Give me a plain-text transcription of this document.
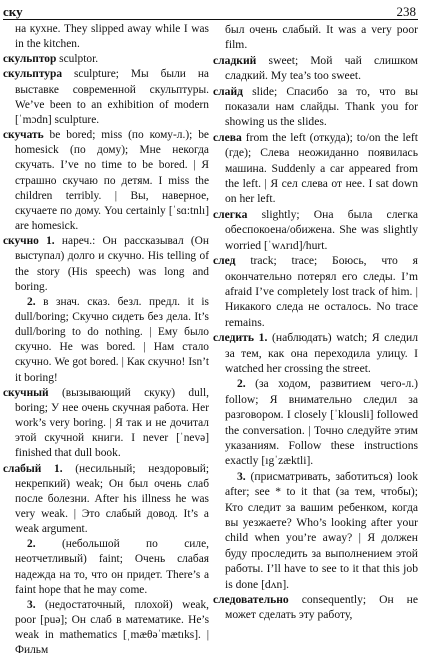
ску	238

на кухне. They slipped away while I was in the kitchen.

скульптор sculptor.

скульптура sculpture; Мы были на выставке современной скульптуры. We’ve been to an exhibition of modern [ˈmɔdn] sculpture.

скучать be bored; miss (по кому-л.); be homesick (по дому); Мне некогда скучать. I’ve no time to be bored. | Я страшно скучаю по детям. I miss the children terribly. | Вы, наверное, скучаете по дому. You certainly [ˈsɑ:tnlı] are homesick.

скучно 1. нареч.: Он рассказывал (Он выступал) долго и скучно. His telling of the story (His speech) was long and boring.

2. в знач. сказ. безл. предл. it is dull/boring; Скучно сидеть без дела. It’s dull/boring to do nothing. | Ему было скучно. He was bored. | Нам стало скучно. We got bored. | Как скучно! Isn’t it boring!

скучный (вызывающий скуку) dull, boring; У нее очень скучная работа. Her work’s very boring. | Я так и не дочитал этой скучной книги. I never [ˈnevə] finished that dull book.

слабый 1. (несильный; нездоровый; некрепкий) weak; Он был очень слаб после болезни. After his illness he was very weak. | Это слабый довод. It’s a weak argument.

2. (небольшой по силе, неотчетливый) faint; Очень слабая надежда на то, что он придет. There’s a faint hope that he may come.

3. (недостаточный, плохой) weak, poor [puə]; Он слаб в математике. He’s weak in mathematics [ˌmæθəˈmætıks]. | Фильм

был очень слабый. It was a very poor film.

сладкий sweet; Мой чай слишком сладкий. My tea’s too sweet.

слайд slide; Спасибо за то, что вы показали нам слайды. Thank you for showing us the slides.

слева from the left (откуда); to/on the left (где); Слева неожиданно появилась машина. Suddenly a car appeared from the left. | Я сел слева от нее. I sat down on her left.

слегка slightly; Она была слегка обеспокоена/обижена. She was slightly worried [ˈwʌrıd]/hurt.

след track; trace; Боюсь, что я окончательно потерял его следы. I’m afraid I’ve completely lost track of him. | Никакого следа не осталось. No trace remains.

следить 1. (наблюдать) watch; Я следил за тем, как она переходила улицу. I watched her crossing the street.

2. (за ходом, развитием чего-л.) follow; Я внимательно следил за разговором. I closely [ˈklousli] followed the conversation. | Точно следуйте этим указаниям. Follow these instructions exactly [ıgˈzæktli].

3. (присматривать, заботиться) look after; see * to it that (за тем, чтобы); Кто следит за вашим ребенком, когда вы уезжаете? Who’s looking after your child when you’re away? | Я должен буду проследить за выполнением этой работы. I’ll have to see to it that this job is done [dʌn].

следовательно consequently; Он не может сделать эту работу,
